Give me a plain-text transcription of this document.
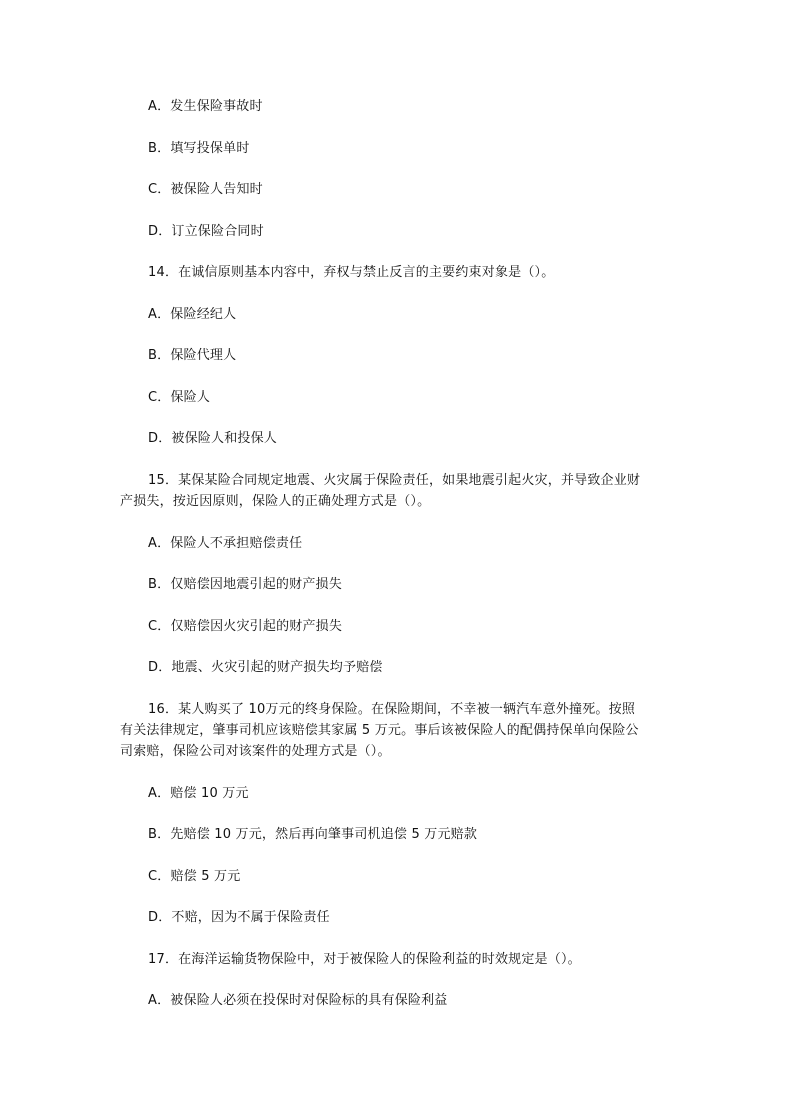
A．发生保险事故时
B．填写投保单时
C．被保险人告知时
D．订立保险合同时
14．在诚信原则基本内容中，弃权与禁止反言的主要约束对象是（）。
A．保险经纪人
B．保险代理人
C．保险人
D．被保险人和投保人
15．某保某险合同规定地震、火灾属于保险责任，如果地震引起火灾，并导致企业财
产损失，按近因原则，保险人的正确处理方式是（）。
A．保险人不承担赔偿责任
B．仅赔偿因地震引起的财产损失
C．仅赔偿因火灾引起的财产损失
D．地震、火灾引起的财产损失均予赔偿
16．某人购买了 10万元的终身保险。在保险期间，不幸被一辆汽车意外撞死。按照
有关法律规定，肇事司机应该赔偿其家属 5 万元。事后该被保险人的配偶持保单向保险公
司索赔，保险公司对该案件的处理方式是（）。
A．赔偿 10 万元
B．先赔偿 10 万元，然后再向肇事司机追偿 5 万元赔款
C．赔偿 5 万元
D．不赔，因为不属于保险责任
17．在海洋运输货物保险中，对于被保险人的保险利益的时效规定是（）。
A．被保险人必须在投保时对保险标的具有保险利益
